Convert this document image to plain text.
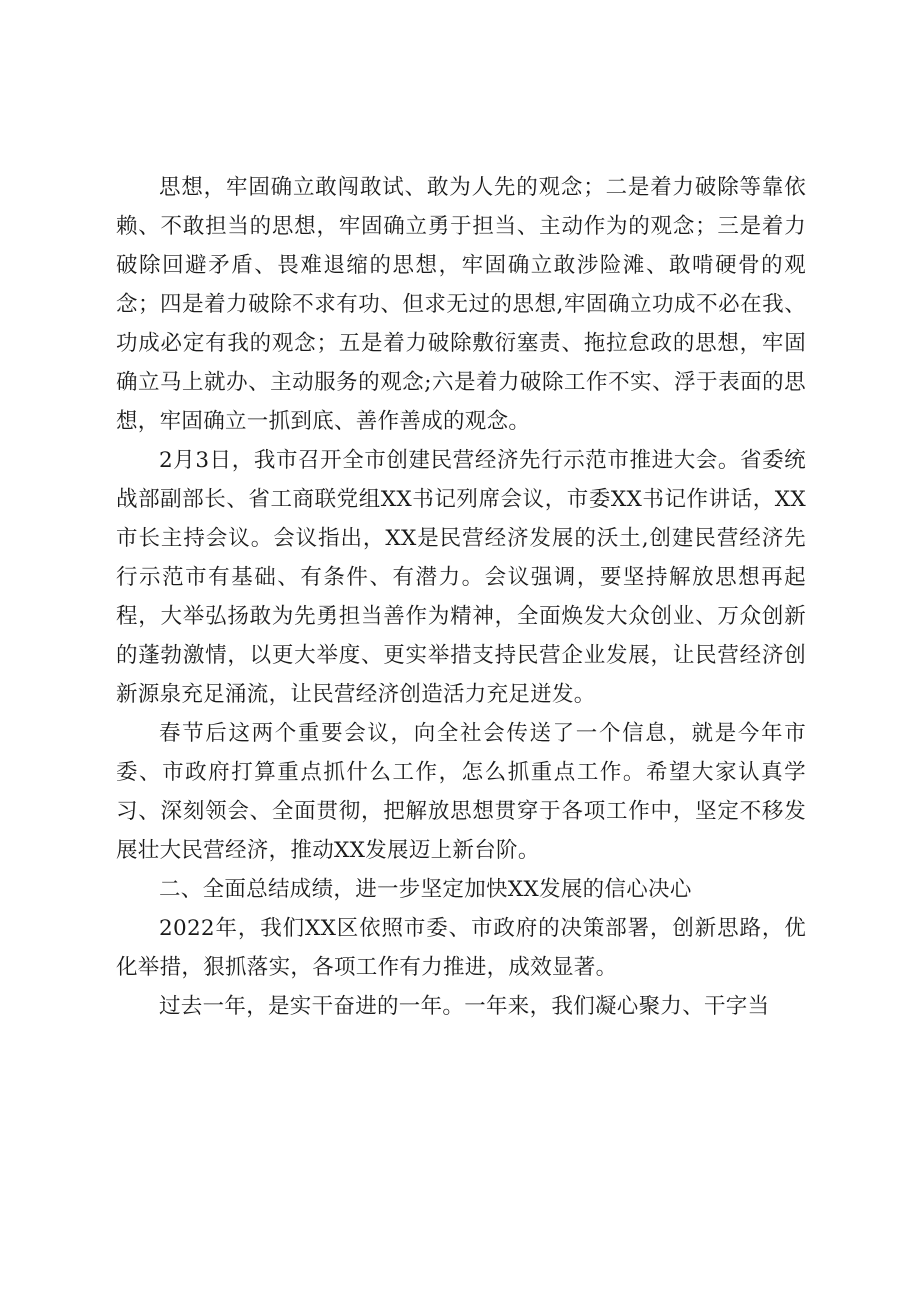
思想，牢固确立敢闯敢试、敢为人先的观念；二是着力破除等靠依赖、不敢担当的思想，牢固确立勇于担当、主动作为的观念；三是着力破除回避矛盾、畏难退缩的思想，牢固确立敢涉险滩、敢啃硬骨的观念；四是着力破除不求有功、但求无过的思想,牢固确立功成不必在我、功成必定有我的观念；五是着力破除敷衍塞责、拖拉怠政的思想，牢固确立马上就办、主动服务的观念;六是着力破除工作不实、浮于表面的思想，牢固确立一抓到底、善作善成的观念。

2月3日，我市召开全市创建民营经济先行示范市推进大会。省委统战部副部长、省工商联党组XX书记列席会议，市委XX书记作讲话，XX市长主持会议。会议指出，XX是民营经济发展的沃土,创建民营经济先行示范市有基础、有条件、有潜力。会议强调，要坚持解放思想再起程，大举弘扬敢为先勇担当善作为精神，全面焕发大众创业、万众创新的蓬勃激情，以更大举度、更实举措支持民营企业发展，让民营经济创新源泉充足涌流，让民营经济创造活力充足迸发。

春节后这两个重要会议，向全社会传送了一个信息，就是今年市委、市政府打算重点抓什么工作，怎么抓重点工作。希望大家认真学习、深刻领会、全面贯彻，把解放思想贯穿于各项工作中，坚定不移发展壮大民营经济，推动XX发展迈上新台阶。

二、全面总结成绩，进一步坚定加快XX发展的信心决心

2022年，我们XX区依照市委、市政府的决策部署，创新思路，优化举措，狠抓落实，各项工作有力推进，成效显著。

过去一年，是实干奋进的一年。一年来，我们凝心聚力、干字当
